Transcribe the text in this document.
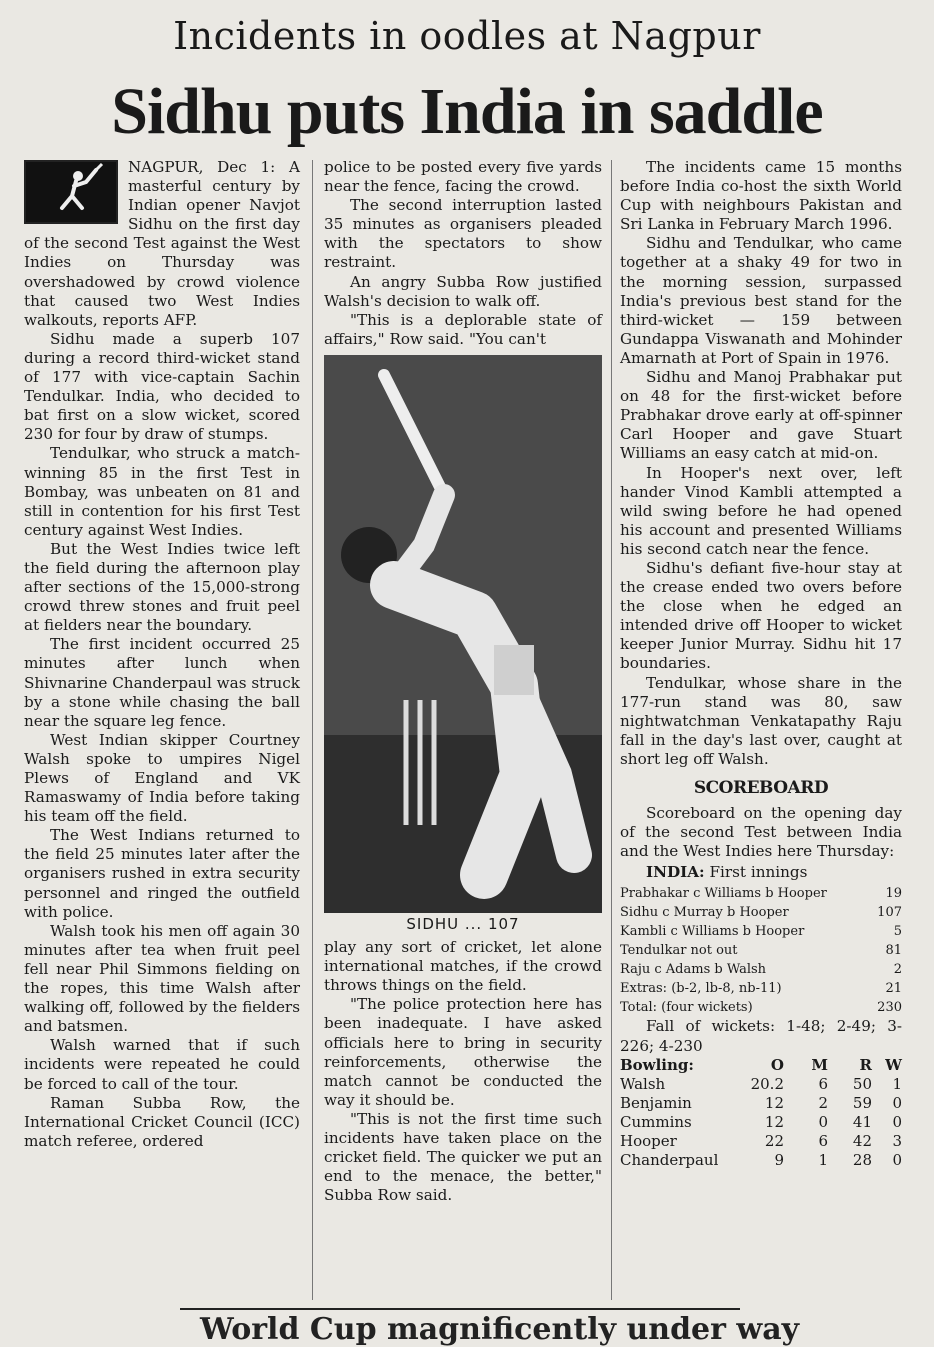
Incidents in oodles at Nagpur
Sidhu puts India in saddle

NAGPUR, Dec 1: A masterful century by Indian opener Navjot Sidhu on the first day of the second Test against the West Indies on Thursday was overshadowed by crowd violence that caused two West Indies walkouts, reports AFP.

Sidhu made a superb 107 during a record third-wicket stand of 177 with vice-captain Sachin Tendulkar. India, who decided to bat first on a slow wicket, scored 230 for four by draw of stumps.

Tendulkar, who struck a match-winning 85 in the first Test in Bombay, was unbeaten on 81 and still in contention for his first Test century against West Indies.

But the West Indies twice left the field during the afternoon play after sections of the 15,000-strong crowd threw stones and fruit peel at fielders near the boundary.

The first incident occurred 25 minutes after lunch when Shivnarine Chanderpaul was struck by a stone while chasing the ball near the square leg fence.

West Indian skipper Courtney Walsh spoke to umpires Nigel Plews of England and VK Ramaswamy of India before taking his team off the field.

The West Indians returned to the field 25 minutes later after the organisers rushed in extra security personnel and ringed the outfield with police.

Walsh took his men off again 30 minutes after tea when fruit peel fell near Phil Simmons fielding on the ropes, this time Walsh after walking off, followed by the fielders and batsmen.

Walsh warned that if such incidents were repeated he could be forced to call of the tour.

Raman Subba Row, the International Cricket Council (ICC) match referee, ordered

police to be posted every five yards near the fence, facing the crowd.

The second interruption lasted 35 minutes as organisers pleaded with the spectators to show restraint.

An angry Subba Row justified Walsh's decision to walk off.

"This is a deplorable state of affairs," Row said. "You can't

SIDHU ... 107

play any sort of cricket, let alone international matches, if the crowd throws things on the field.

"The police protection here has been inadequate. I have asked officials here to bring in security reinforcements, otherwise the match cannot be conducted the way it should be.

"This is not the first time such incidents have taken place on the cricket field. The quicker we put an end to the menace, the better," Subba Row said.

The incidents came 15 months before India co-host the sixth World Cup with neighbours Pakistan and Sri Lanka in February March 1996.

Sidhu and Tendulkar, who came together at a shaky 49 for two in the morning session, surpassed India's previous best stand for the third-wicket — 159 between Gundappa Viswanath and Mohinder Amarnath at Port of Spain in 1976.

Sidhu and Manoj Prabhakar put on 48 for the first-wicket before Prabhakar drove early at off-spinner Carl Hooper and gave Stuart Williams an easy catch at mid-on.

In Hooper's next over, left hander Vinod Kambli attempted a wild swing before he had opened his account and presented Williams his second catch near the fence.

Sidhu's defiant five-hour stay at the crease ended two overs before the close when he edged an intended drive off Hooper to wicket keeper Junior Murray. Sidhu hit 17 boundaries.

Tendulkar, whose share in the 177-run stand was 80, saw nightwatchman Venkatapathy Raju fall in the day's last over, caught at short leg off Walsh.

SCOREBOARD

Scoreboard on the opening day of the second Test between India and the West Indies here Thursday:

INDIA: First innings
Prabhakar c Williams b Hooper	19
Sidhu c Murray b Hooper	107
Kambli c Williams b Hooper	5
Tendulkar not out	81
Raju c Adams b Walsh	2
Extras: (b-2, lb-8, nb-11)	21
Total: (four wickets)	230

Fall of wickets: 1-48; 2-49; 3-226; 4-230

Bowling:	O	M	R W
Walsh	20.2	6	50	1
Benjamin	12	2	59	0
Cummins	12	0	41	0
Hooper	22	6	42	3
Chanderpaul	9	1	28	0
World Cup magnificently under way
